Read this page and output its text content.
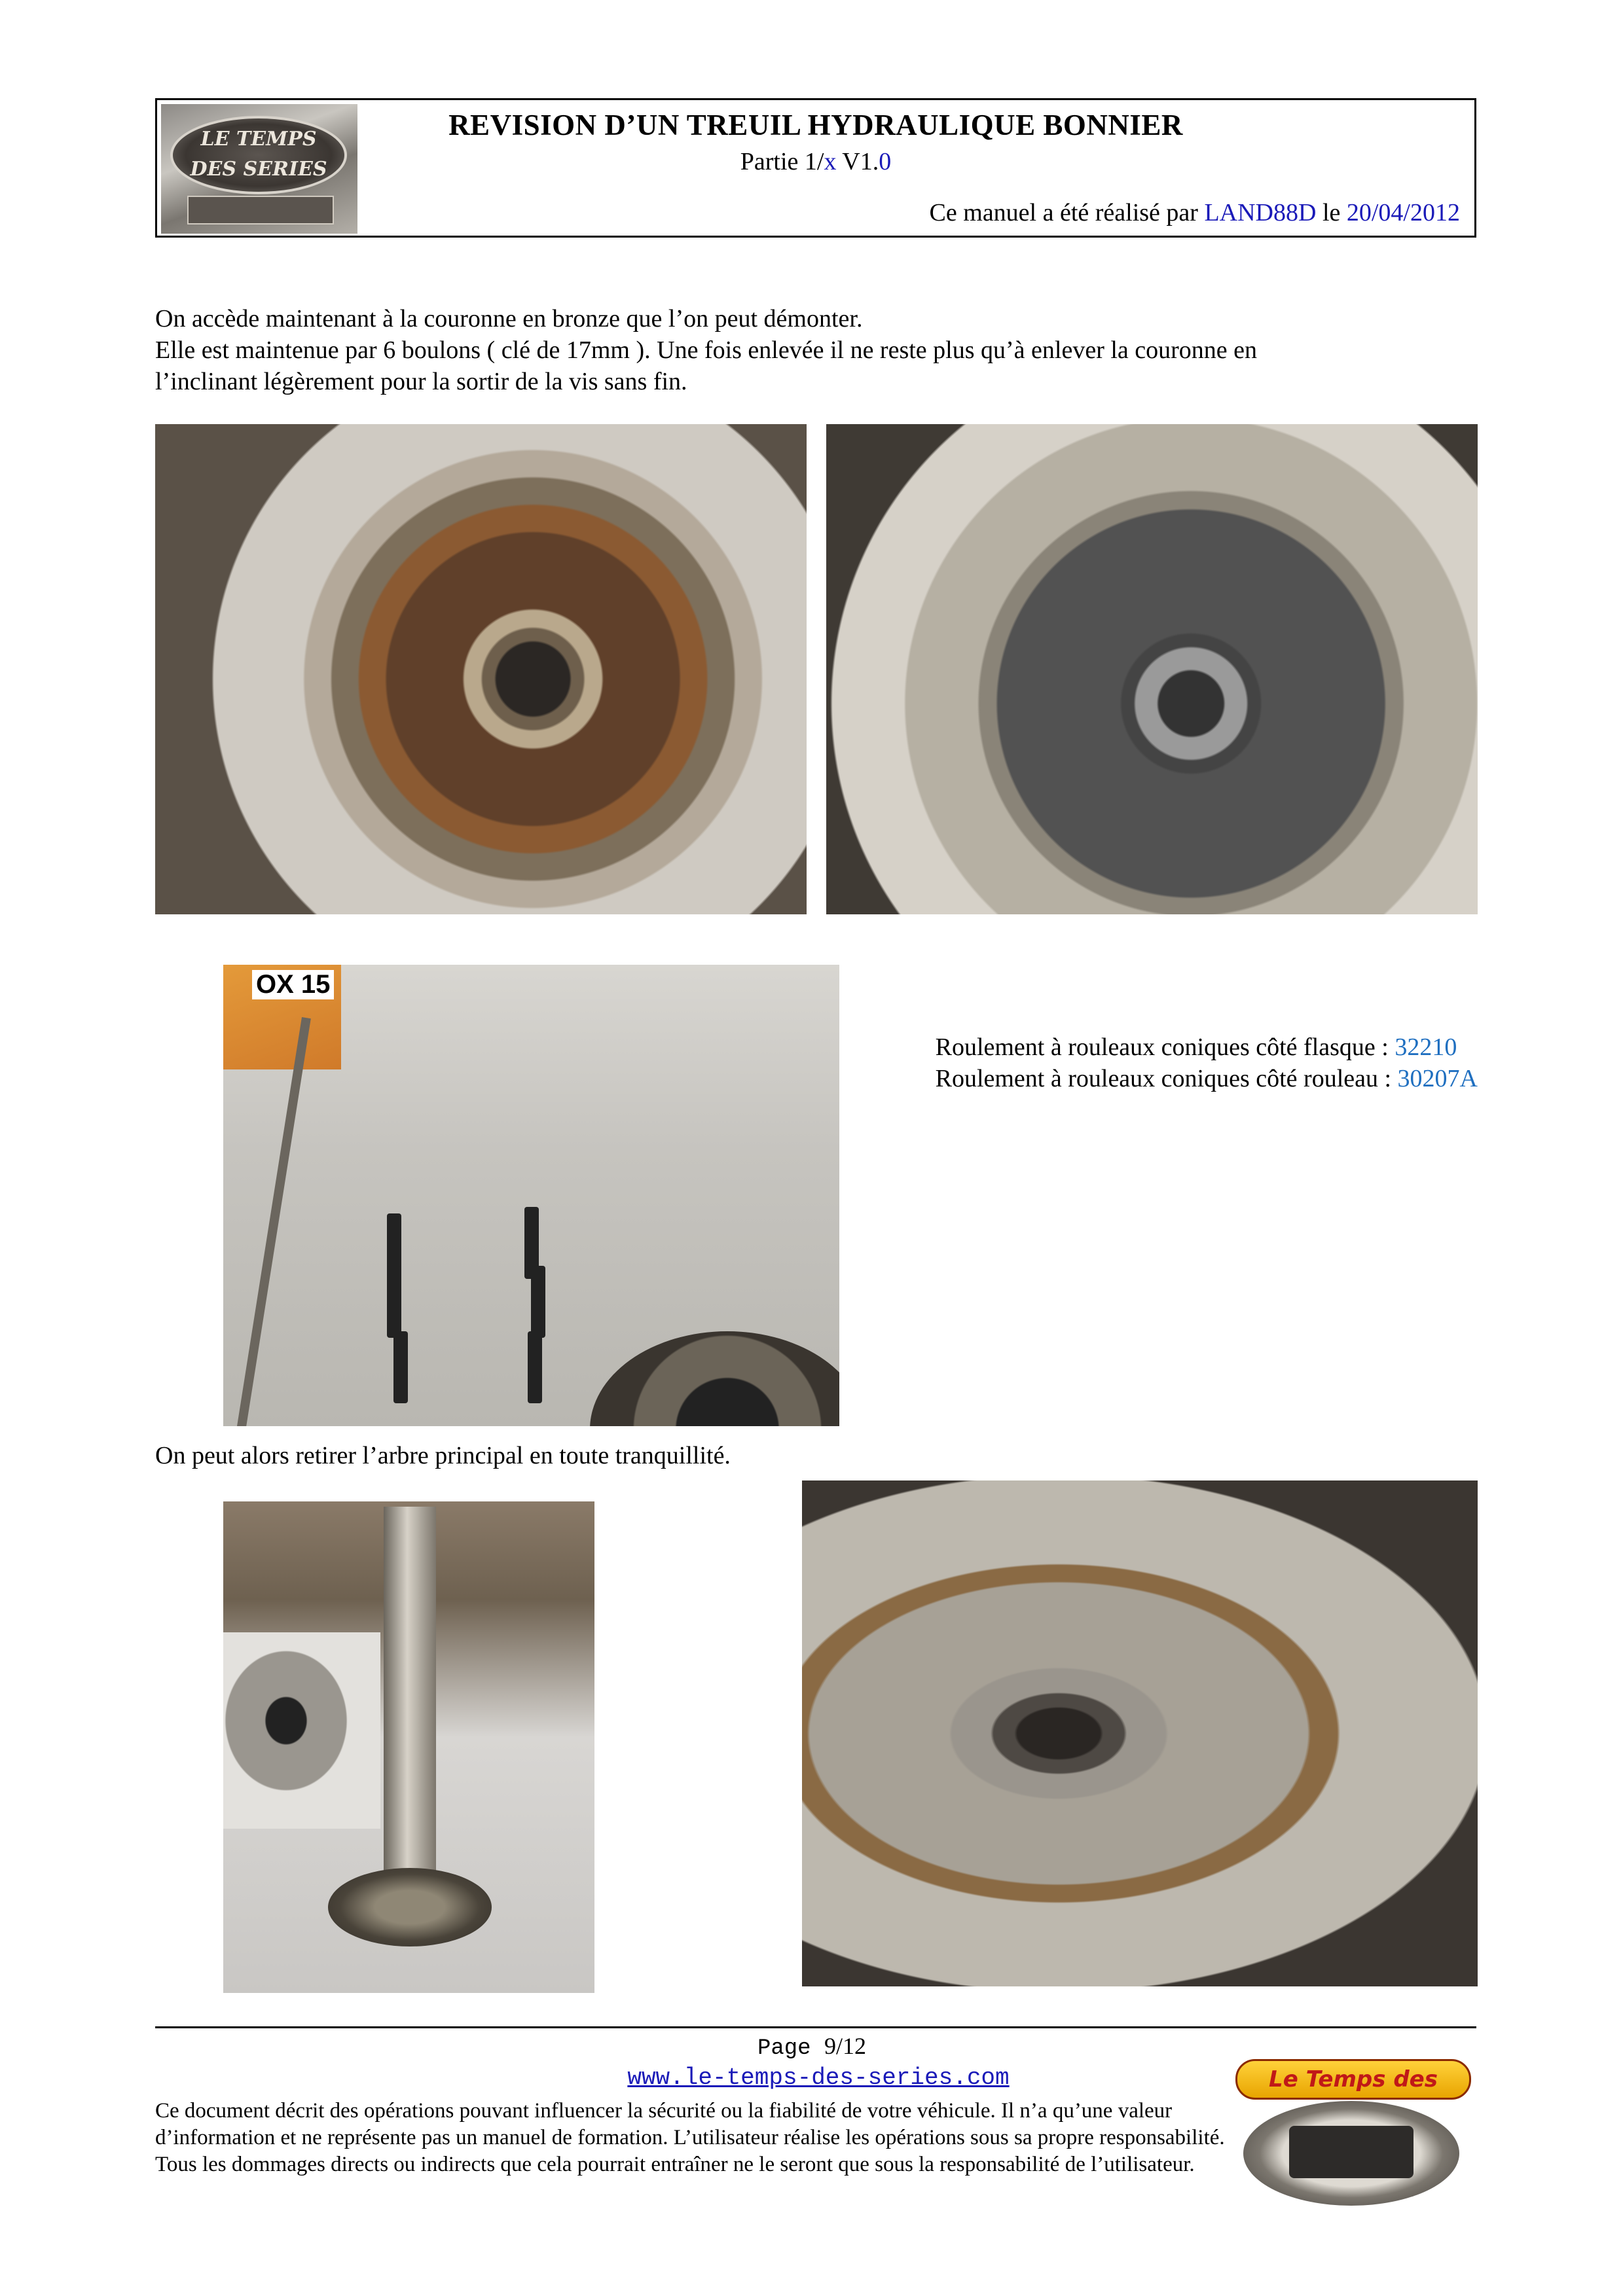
LE TEMPS
DES SERIES
REVISION D’UN TREUIL HYDRAULIQUE BONNIER
Partie 1/x V1.0
Ce manuel a été réalisé par LAND88D le 20/04/2012

On accède maintenant à la couronne en bronze que l’on peut démonter.

Elle est maintenue par 6 boulons ( clé de 17mm ). Une fois enlevée il ne reste plus qu’à enlever la couronne en

l’inclinant légèrement pour la sortir de la vis sans fin.

OX 15
Roulement à rouleaux coniques côté flasque : 32210
Roulement à rouleaux coniques côté rouleau : 30207A
On peut alors retirer l’arbre principal en toute tranquillité.
Page 9/12
www.le-temps-des-series.com
Ce document décrit des opérations pouvant influencer la sécurité ou la fiabilité de votre véhicule. Il n’a qu’une valeur d’information et ne représente pas un manuel de formation. L’utilisateur réalise les opérations sous sa propre responsabilité. Tous les dommages directs ou indirects que cela pourrait entraîner ne le seront que sous la responsabilité de l’utilisateur.
Le Temps des
